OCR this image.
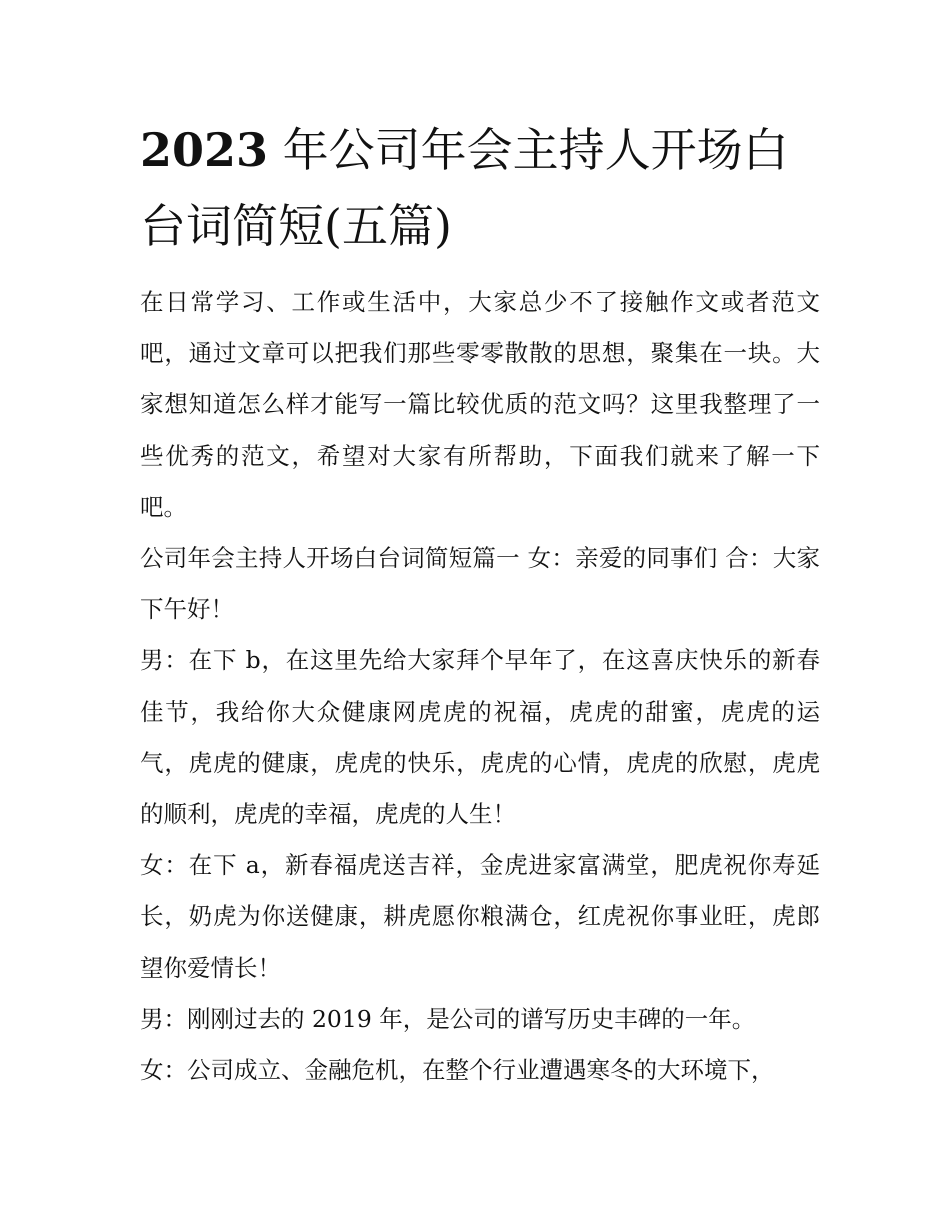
2023 年公司年会主持人开场白台词简短(五篇)

在日常学习、工作或生活中，大家总少不了接触作文或者范文吧，通过文章可以把我们那些零零散散的思想，聚集在一块。大家想知道怎么样才能写一篇比较优质的范文吗？这里我整理了一些优秀的范文，希望对大家有所帮助，下面我们就来了解一下吧。

公司年会主持人开场白台词简短篇一 女：亲爱的同事们 合：大家 下午好！

男：在下 b，在这里先给大家拜个早年了，在这喜庆快乐的新春佳节，我给你大众健康网虎虎的祝福，虎虎的甜蜜，虎虎的运气，虎虎的健康，虎虎的快乐，虎虎的心情，虎虎的欣慰，虎虎的顺利，虎虎的幸福，虎虎的人生！

女：在下 a，新春福虎送吉祥，金虎进家富满堂，肥虎祝你寿延长，奶虎为你送健康，耕虎愿你粮满仓，红虎祝你事业旺，虎郎望你爱情长！

男：刚刚过去的 2019 年，是公司的谱写历史丰碑的一年。

女：公司成立、金融危机，在整个行业遭遇寒冬的大环境下，
